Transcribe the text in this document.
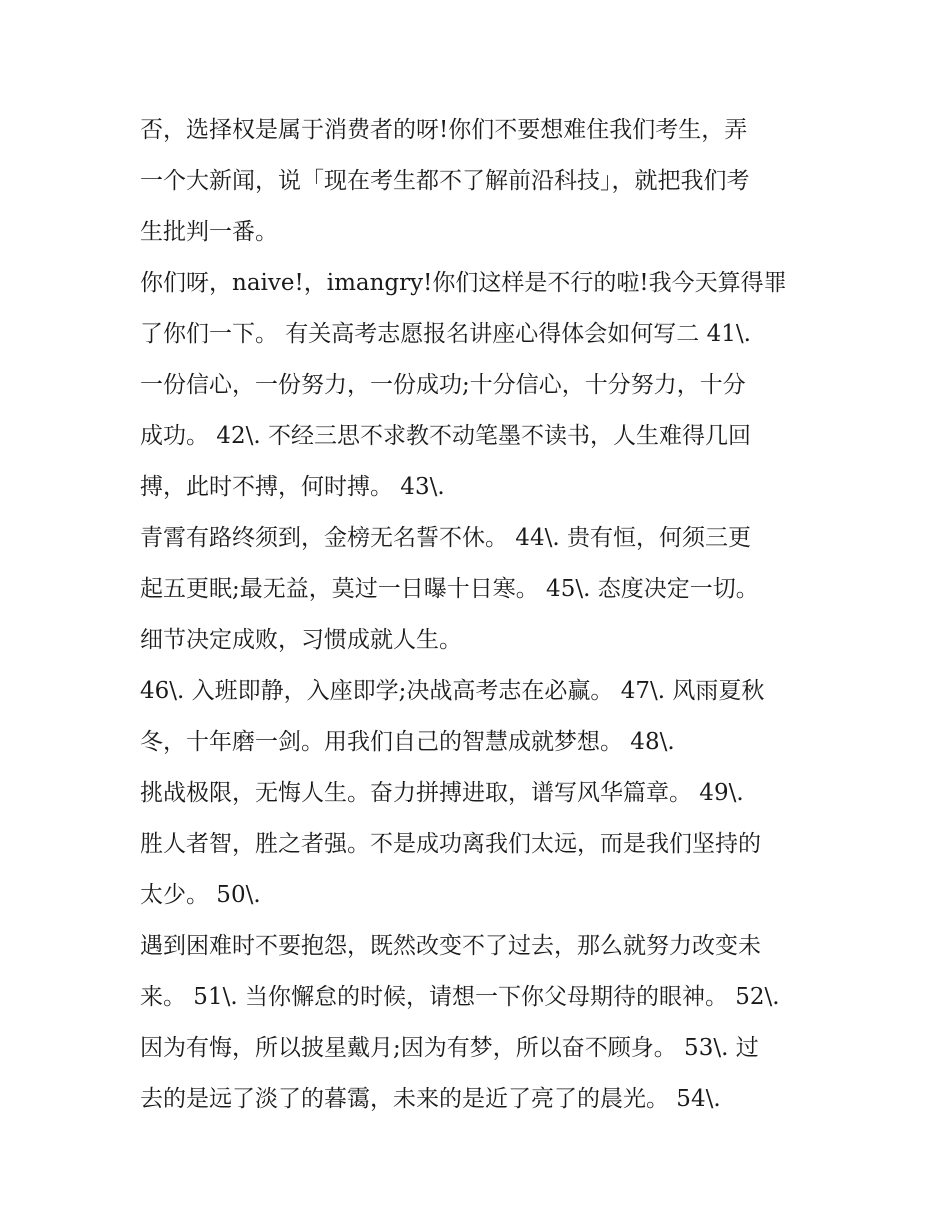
否，选择权是属于消费者的呀!你们不要想难住我们考生，弄
一个大新闻，说「现在考生都不了解前沿科技」，就把我们考
生批判一番。
你们呀，naive!，imangry!你们这样是不行的啦!我今天算得罪
了你们一下。 有关高考志愿报名讲座心得体会如何写二 41\.
一份信心，一份努力，一份成功;十分信心，十分努力，十分
成功。 42\. 不经三思不求教不动笔墨不读书，人生难得几回
搏，此时不搏，何时搏。 43\.
青霄有路终须到，金榜无名誓不休。 44\. 贵有恒，何须三更
起五更眠;最无益，莫过一日曝十日寒。 45\. 态度决定一切。
细节决定成败，习惯成就人生。
46\. 入班即静，入座即学;决战高考志在必赢。 47\. 风雨夏秋
冬，十年磨一剑。用我们自己的智慧成就梦想。 48\.
挑战极限，无悔人生。奋力拼搏进取，谱写风华篇章。 49\.
胜人者智，胜之者强。不是成功离我们太远，而是我们坚持的
太少。 50\.
遇到困难时不要抱怨，既然改变不了过去，那么就努力改变未
来。 51\. 当你懈怠的时候，请想一下你父母期待的眼神。 52\.
因为有悔，所以披星戴月;因为有梦，所以奋不顾身。 53\. 过
去的是远了淡了的暮霭，未来的是近了亮了的晨光。 54\.
